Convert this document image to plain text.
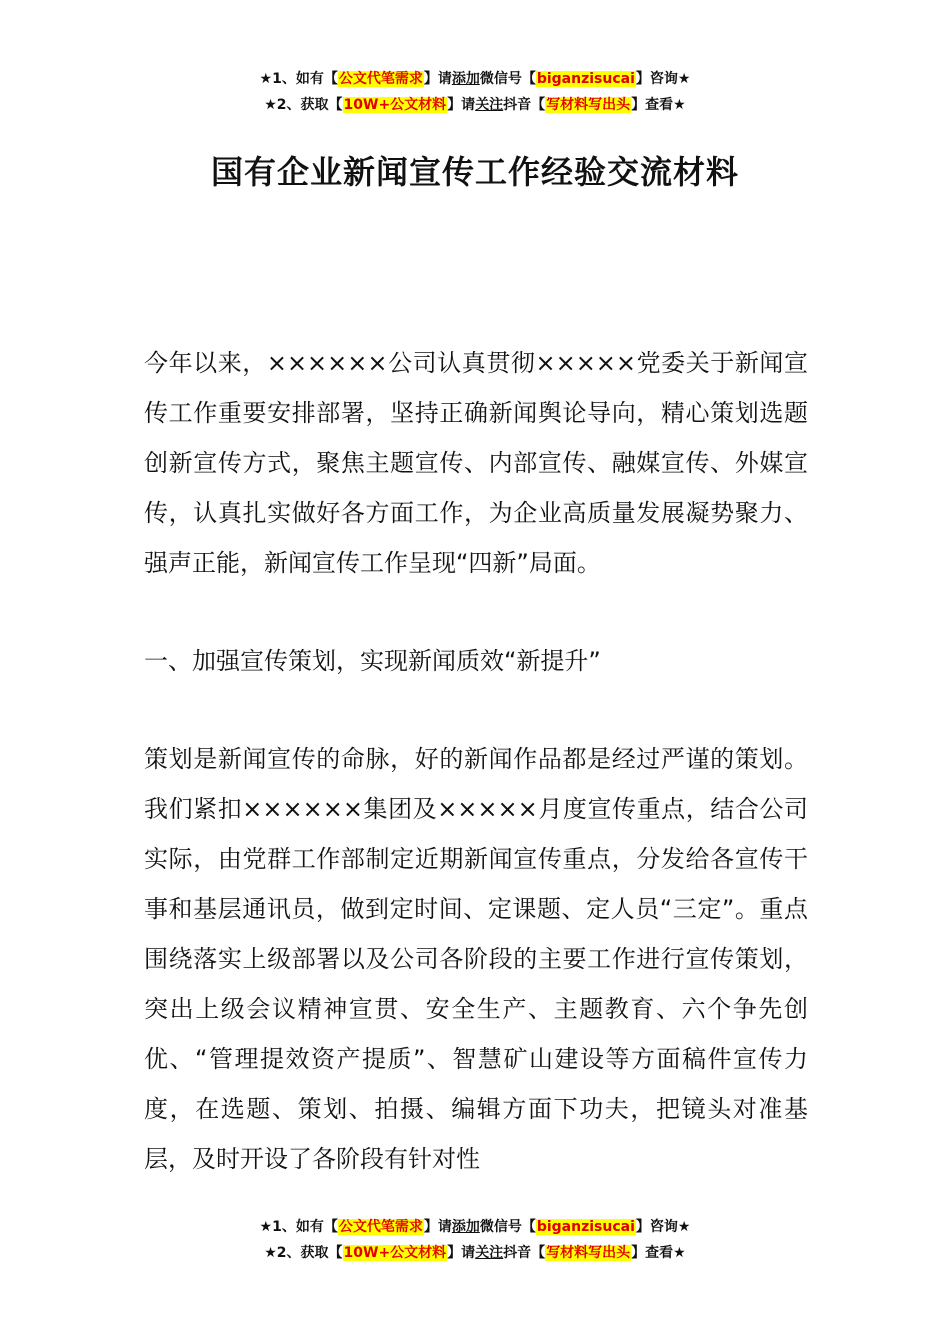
★1、如有【公文代笔需求】请添加微信号【biganzisucai】咨询★
★2、获取【10W+公文材料】请关注抖音【写材料写出头】查看★
国有企业新闻宣传工作经验交流材料

今年以来，××××××公司认真贯彻×××××党委关于新闻宣传工作重要安排部署，坚持正确新闻舆论导向，精心策划选题创新宣传方式，聚焦主题宣传、内部宣传、融媒宣传、外媒宣传，认真扎实做好各方面工作，为企业高质量发展凝势聚力、强声正能，新闻宣传工作呈现“四新”局面。

一、加强宣传策划，实现新闻质效“新提升”

策划是新闻宣传的命脉，好的新闻作品都是经过严谨的策划。我们紧扣××××××集团及×××××月度宣传重点，结合公司实际，由党群工作部制定近期新闻宣传重点，分发给各宣传干事和基层通讯员，做到定时间、定课题、定人员“三定”。重点围绕落实上级部署以及公司各阶段的主要工作进行宣传策划，突出上级会议精神宣贯、安全生产、主题教育、六个争先创优、“管理提效资产提质”、智慧矿山建设等方面稿件宣传力度，在选题、策划、拍摄、编辑方面下功夫，把镜头对准基层，及时开设了各阶段有针对性

★1、如有【公文代笔需求】请添加微信号【biganzisucai】咨询★
★2、获取【10W+公文材料】请关注抖音【写材料写出头】查看★
